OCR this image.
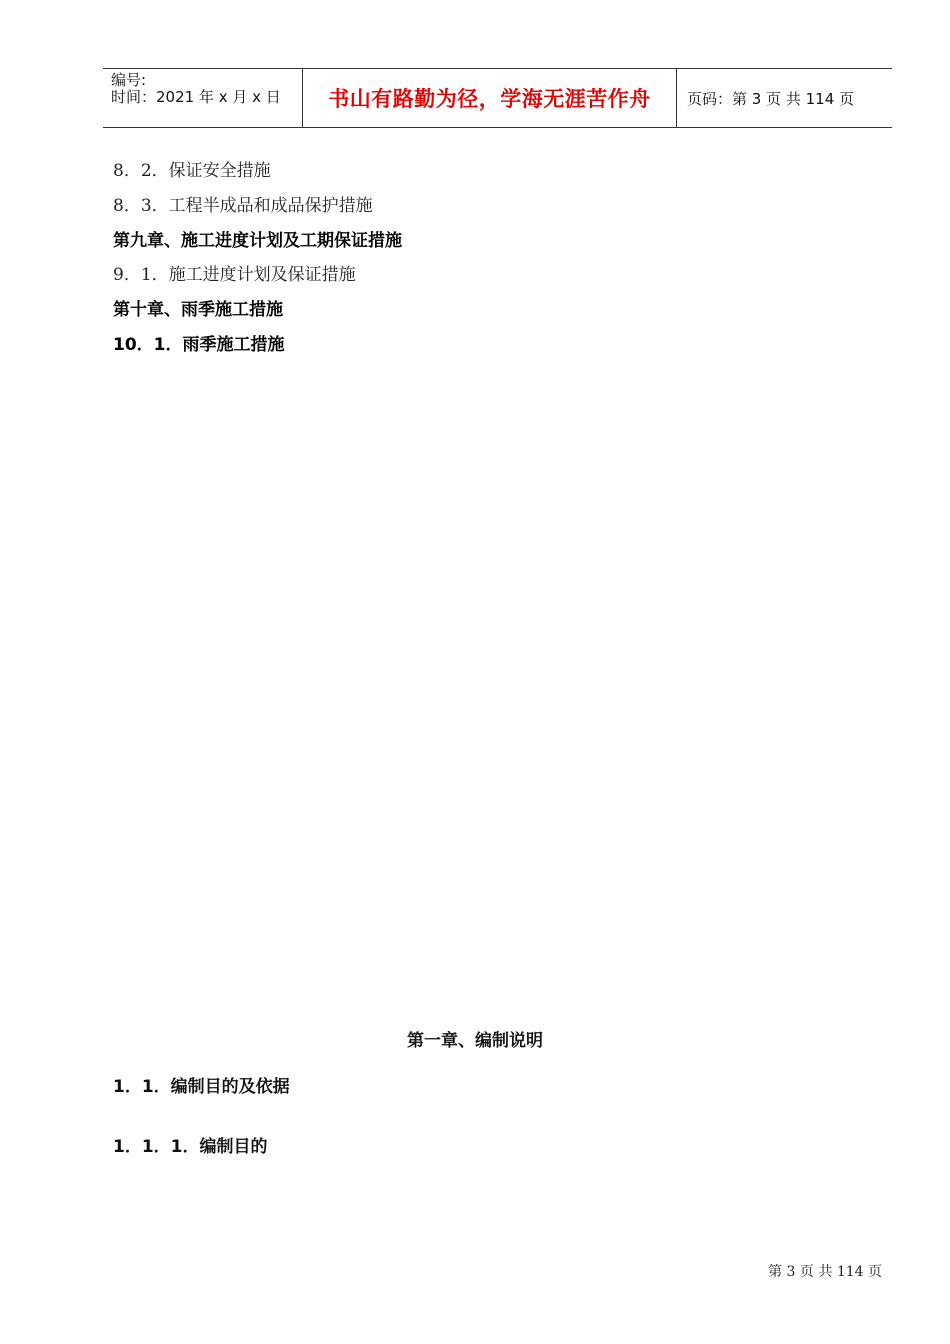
编号:
时间：2021 年 x 月 x 日 书山有路勤为径，学海无涯苦作舟 页码：第 3 页 共 114 页
8．2．保证安全措施
8．3．工程半成品和成品保护措施
第九章、施工进度计划及工期保证措施
9．1．施工进度计划及保证措施
第十章、雨季施工措施
10．1．雨季施工措施
第一章、编制说明
1．1．编制目的及依据
1．1．1．编制目的
第 3 页 共 114 页
